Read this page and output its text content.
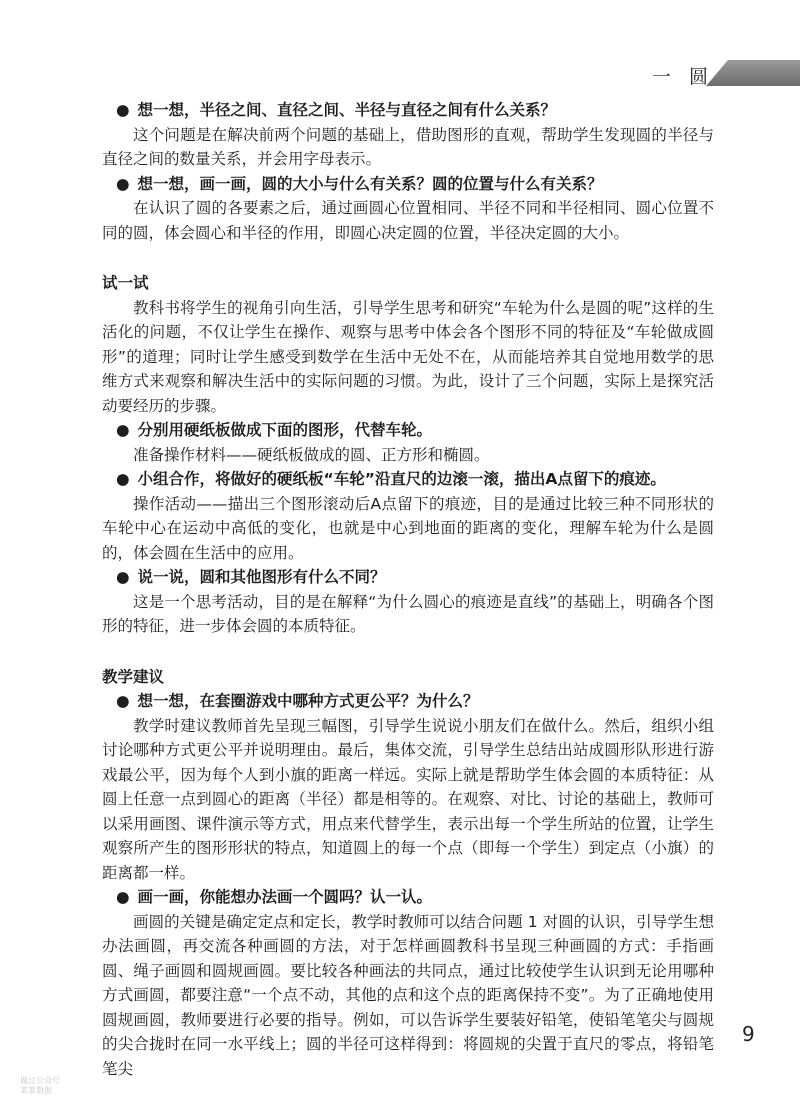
一 圆

● 想一想，半径之间、直径之间、半径与直径之间有什么关系？

这个问题是在解决前两个问题的基础上，借助图形的直观，帮助学生发现圆的半径与直径之间的数量关系，并会用字母表示。

● 想一想，画一画，圆的大小与什么有关系？圆的位置与什么有关系？

在认识了圆的各要素之后，通过画圆心位置相同、半径不同和半径相同、圆心位置不同的圆，体会圆心和半径的作用，即圆心决定圆的位置，半径决定圆的大小。

试一试

教科书将学生的视角引向生活，引导学生思考和研究“车轮为什么是圆的呢”这样的生活化的问题，不仅让学生在操作、观察与思考中体会各个图形不同的特征及“车轮做成圆形”的道理；同时让学生感受到数学在生活中无处不在，从而能培养其自觉地用数学的思维方式来观察和解决生活中的实际问题的习惯。为此，设计了三个问题，实际上是探究活动要经历的步骤。

● 分别用硬纸板做成下面的图形，代替车轮。

准备操作材料——硬纸板做成的圆、正方形和椭圆。

● 小组合作，将做好的硬纸板“车轮”沿直尺的边滚一滚，描出A点留下的痕迹。

操作活动——描出三个图形滚动后A点留下的痕迹，目的是通过比较三种不同形状的车轮中心在运动中高低的变化，也就是中心到地面的距离的变化，理解车轮为什么是圆的，体会圆在生活中的应用。

● 说一说，圆和其他图形有什么不同？

这是一个思考活动，目的是在解释“为什么圆心的痕迹是直线”的基础上，明确各个图形的特征，进一步体会圆的本质特征。

教学建议

● 想一想，在套圈游戏中哪种方式更公平？为什么？

教学时建议教师首先呈现三幅图，引导学生说说小朋友们在做什么。然后，组织小组讨论哪种方式更公平并说明理由。最后，集体交流，引导学生总结出站成圆形队形进行游戏最公平，因为每个人到小旗的距离一样远。实际上就是帮助学生体会圆的本质特征：从圆上任意一点到圆心的距离（半径）都是相等的。在观察、对比、讨论的基础上，教师可以采用画图、课件演示等方式，用点来代替学生，表示出每一个学生所站的位置，让学生观察所产生的图形形状的特点，知道圆上的每一个点（即每一个学生）到定点（小旗）的距离都一样。

● 画一画，你能想办法画一个圆吗？认一认。

画圆的关键是确定定点和定长，教学时教师可以结合问题 1 对圆的认识，引导学生想办法画圆，再交流各种画圆的方法，对于怎样画圆教科书呈现三种画圆的方式：手指画圆、绳子画圆和圆规画圆。要比较各种画法的共同点，通过比较使学生认识到无论用哪种方式画圆，都要注意“一个点不动，其他的点和这个点的距离保持不变”。为了正确地使用圆规画圆，教师要进行必要的指导。例如，可以告诉学生要装好铅笔，使铅笔笔尖与圆规的尖合拢时在同一水平线上；圆的半径可这样得到：将圆规的尖置于直尺的零点，将铅笔笔尖

9
做过公众号
菜菜数据
